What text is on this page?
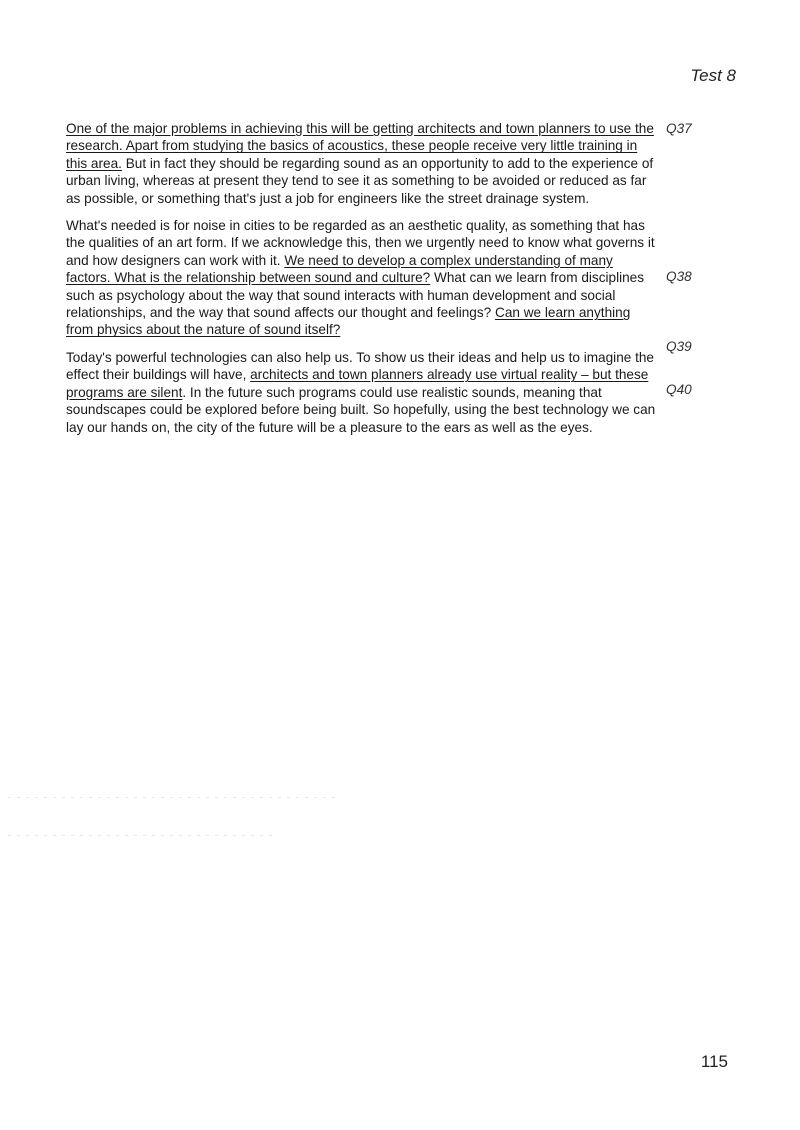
Test 8

One of the major problems in achieving this will be getting architects and town planners to use the research. Apart from studying the basics of acoustics, these people receive very little training in this area. But in fact they should be regarding sound as an opportunity to add to the experience of urban living, whereas at present they tend to see it as something to be avoided or reduced as far as possible, or something that's just a job for engineers like the street drainage system.

What's needed is for noise in cities to be regarded as an aesthetic quality, as something that has the qualities of an art form. If we acknowledge this, then we urgently need to know what governs it and how designers can work with it. We need to develop a complex understanding of many factors. What is the relationship between sound and culture? What can we learn from disciplines such as psychology about the way that sound interacts with human development and social relationships, and the way that sound affects our thought and feelings? Can we learn anything from physics about the nature of sound itself?

Today's powerful technologies can also help us. To show us their ideas and help us to imagine the effect their buildings will have, architects and town planners already use virtual reality – but these programs are silent. In the future such programs could use realistic sounds, meaning that soundscapes could be explored before being built. So hopefully, using the best technology we can lay our hands on, the city of the future will be a pleasure to the ears as well as the eyes.

Q37
Q38
Q39
Q40
115
